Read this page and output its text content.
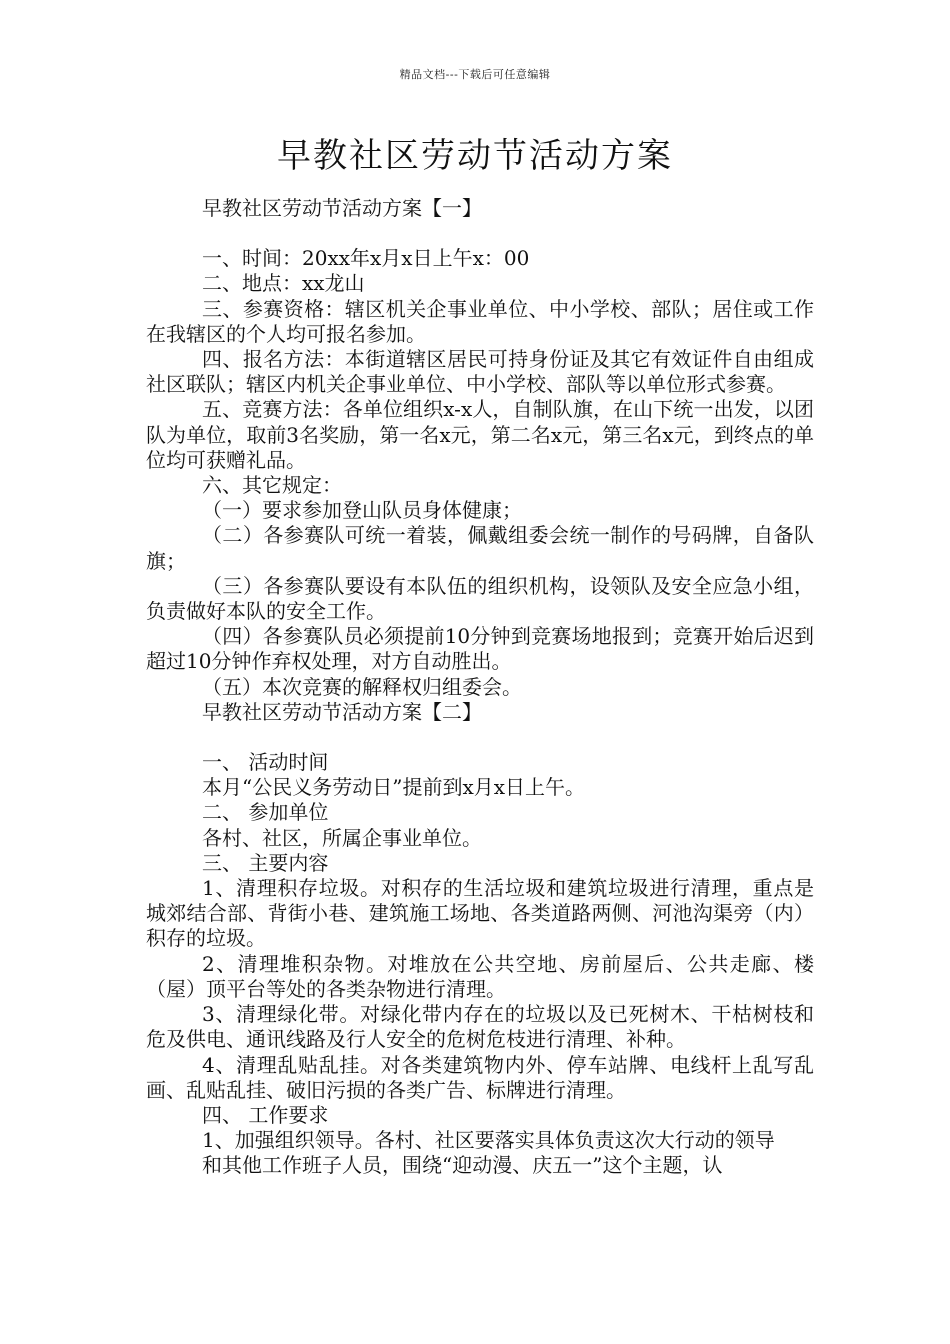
精品文档---下载后可任意编辑
早教社区劳动节活动方案

早教社区劳动节活动方案【一】

一、时间：20xx年x月x日上午x：00

二、地点：xx龙山

三、参赛资格：辖区机关企事业单位、中小学校、部队；居住或工作在我辖区的个人均可报名参加。

四、报名方法：本街道辖区居民可持身份证及其它有效证件自由组成社区联队；辖区内机关企事业单位、中小学校、部队等以单位形式参赛。

五、竞赛方法：各单位组织x-x人，自制队旗，在山下统一出发，以团队为单位，取前3名奖励，第一名x元，第二名x元，第三名x元，到终点的单位均可获赠礼品。

六、其它规定：

（一）要求参加登山队员身体健康；

（二）各参赛队可统一着装，佩戴组委会统一制作的号码牌，自备队旗；

（三）各参赛队要设有本队伍的组织机构，设领队及安全应急小组，负责做好本队的安全工作。

（四）各参赛队员必须提前10分钟到竞赛场地报到；竞赛开始后迟到超过10分钟作弃权处理，对方自动胜出。

（五）本次竞赛的解释权归组委会。

早教社区劳动节活动方案【二】

一、 活动时间

本月“公民义务劳动日”提前到x月x日上午。

二、 参加单位

各村、社区，所属企事业单位。

三、 主要内容

1、清理积存垃圾。对积存的生活垃圾和建筑垃圾进行清理，重点是城郊结合部、背街小巷、建筑施工场地、各类道路两侧、河池沟渠旁（内）积存的垃圾。

2、清理堆积杂物。对堆放在公共空地、房前屋后、公共走廊、楼（屋）顶平台等处的各类杂物进行清理。

3、清理绿化带。对绿化带内存在的垃圾以及已死树木、干枯树枝和危及供电、通讯线路及行人安全的危树危枝进行清理、补种。

4、清理乱贴乱挂。对各类建筑物内外、停车站牌、电线杆上乱写乱画、乱贴乱挂、破旧污损的各类广告、标牌进行清理。

四、 工作要求

1、加强组织领导。各村、社区要落实具体负责这次大行动的领导

和其他工作班子人员，围绕“迎动漫、庆五一”这个主题，认
